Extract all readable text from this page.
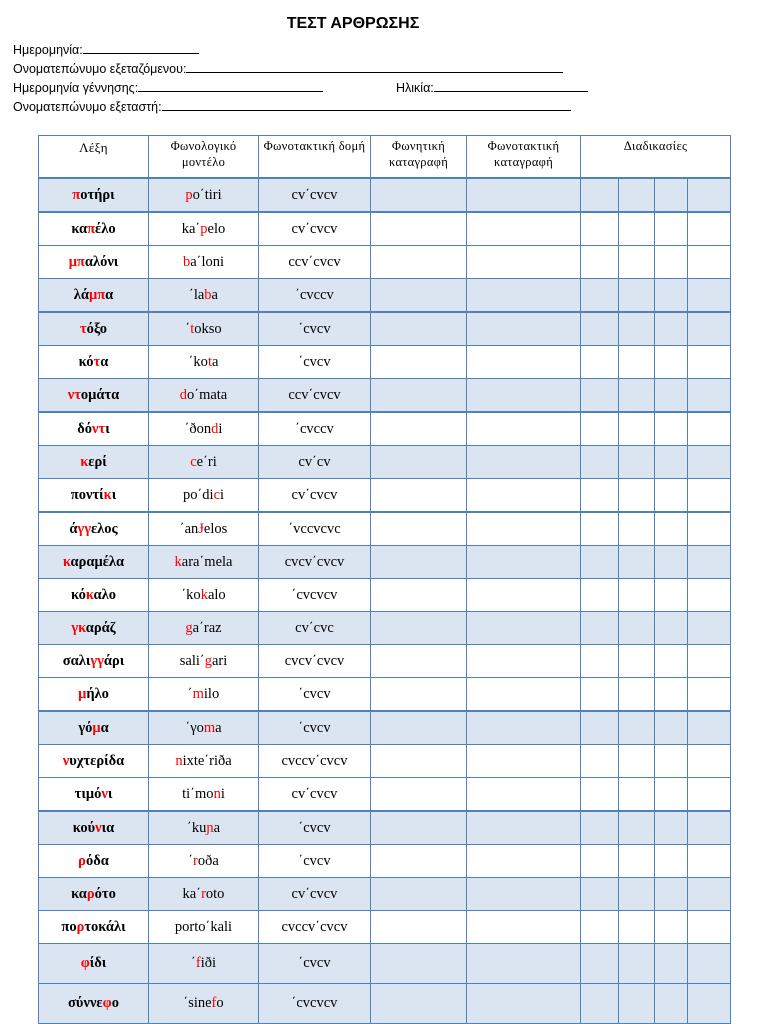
ΤΕΣΤ ΑΡΘΡΩΣΗΣ
Ημερομηνία:
Ονοματεπώνυμο εξεταζόμενου:
Ημερομηνία γέννησης:	Ηλικία:
Ονοματεπώνυμο εξεταστή:
Λέξη	Φωνολογικό μοντέλο	Φωνοτακτική δομή	Φωνητική καταγραφή	Φωνοτακτική καταγραφή	Διαδικασίες
ποτήρι	po΄tiri	cv΄cvcv			

καπέλο	ka΄pelo	cv΄cvcv			

μπαλόνι	ba΄loni	ccv΄cvcv			

λάμπα	΄laba	΄cvccv			

τόξο	΄tokso	΄cvcv			

κότα	΄kota	΄cvcv			

ντομάτα	do΄mata	ccv΄cvcv			

δόντι	΄ðondi	΄cvccv			

κερί	ce΄ri	cv΄cv			

ποντίκι	po΄dici	cv΄cvcv			

άγγελος	΄anɈelos	΄vccvcvc			

καραμέλα	kara΄mela	cvcv΄cvcv			

κόκαλο	΄kokalo	΄cvcvcv			

γκαράζ	ga΄raz	cv΄cvc			

σαλιγγάρι	sali΄gari	cvcv΄cvcv			

μήλο	΄milo	΄cvcv			

γόμα	΄γoma	΄cvcv			

νυχτερίδα	nixte΄riða	cvccv΄cvcv			

τιμόνι	ti΄moni	cv΄cvcv			

κούνια	΄kuɲa	΄cvcv			

ρόδα	΄roða	΄cvcv			

καρότο	ka΄roto	cv΄cvcv			

πορτοκάλι	porto΄kali	cvccv΄cvcv			

φίδι	΄fiði	΄cvcv			

σύννεφο	΄sinefo	΄cvcvcv			
